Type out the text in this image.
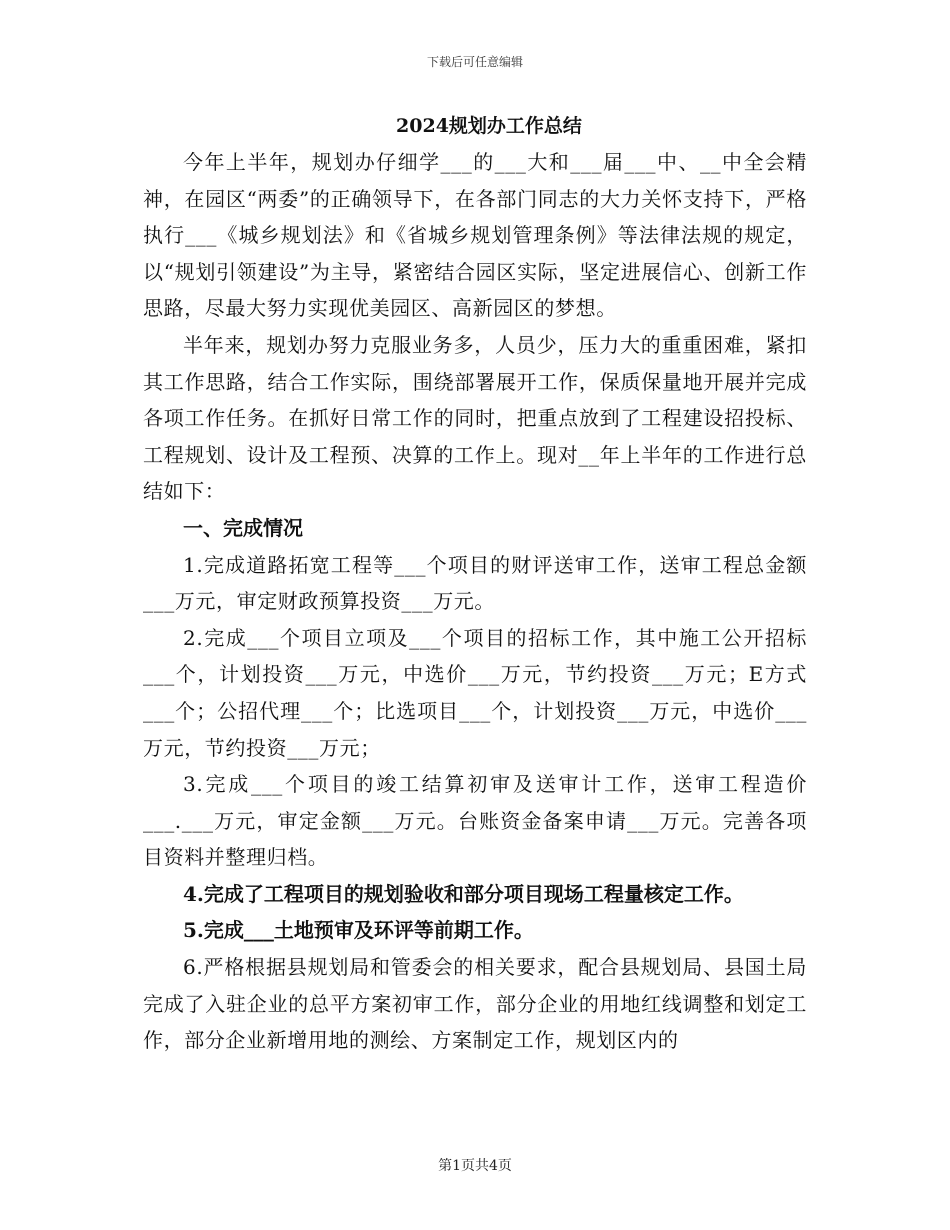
下载后可任意编辑
2024规划办工作总结

今年上半年，规划办仔细学___的___大和___届___中、__中全会精神，在园区“两委”的正确领导下，在各部门同志的大力关怀支持下，严格执行___《城乡规划法》和《省城乡规划管理条例》等法律法规的规定，以“规划引领建设”为主导，紧密结合园区实际，坚定进展信心、创新工作思路，尽最大努力实现优美园区、高新园区的梦想。

半年来，规划办努力克服业务多，人员少，压力大的重重困难，紧扣其工作思路，结合工作实际，围绕部署展开工作，保质保量地开展并完成各项工作任务。在抓好日常工作的同时，把重点放到了工程建设招投标、工程规划、设计及工程预、决算的工作上。现对__年上半年的工作进行总结如下：

一、完成情况

1.完成道路拓宽工程等___个项目的财评送审工作，送审工程总金额___万元，审定财政预算投资___万元。

2.完成___个项目立项及___个项目的招标工作，其中施工公开招标___个，计划投资___万元，中选价___万元，节约投资___万元；E方式___个；公招代理___个；比选项目___个，计划投资___万元，中选价___万元，节约投资___万元；

3.完成___个项目的竣工结算初审及送审计工作，送审工程造价___.___万元，审定金额___万元。台账资金备案申请___万元。完善各项目资料并整理归档。

4.完成了工程项目的规划验收和部分项目现场工程量核定工作。

5.完成___土地预审及环评等前期工作。

6.严格根据县规划局和管委会的相关要求，配合县规划局、县国土局完成了入驻企业的总平方案初审工作，部分企业的用地红线调整和划定工作，部分企业新增用地的测绘、方案制定工作，规划区内的

第1页共4页
